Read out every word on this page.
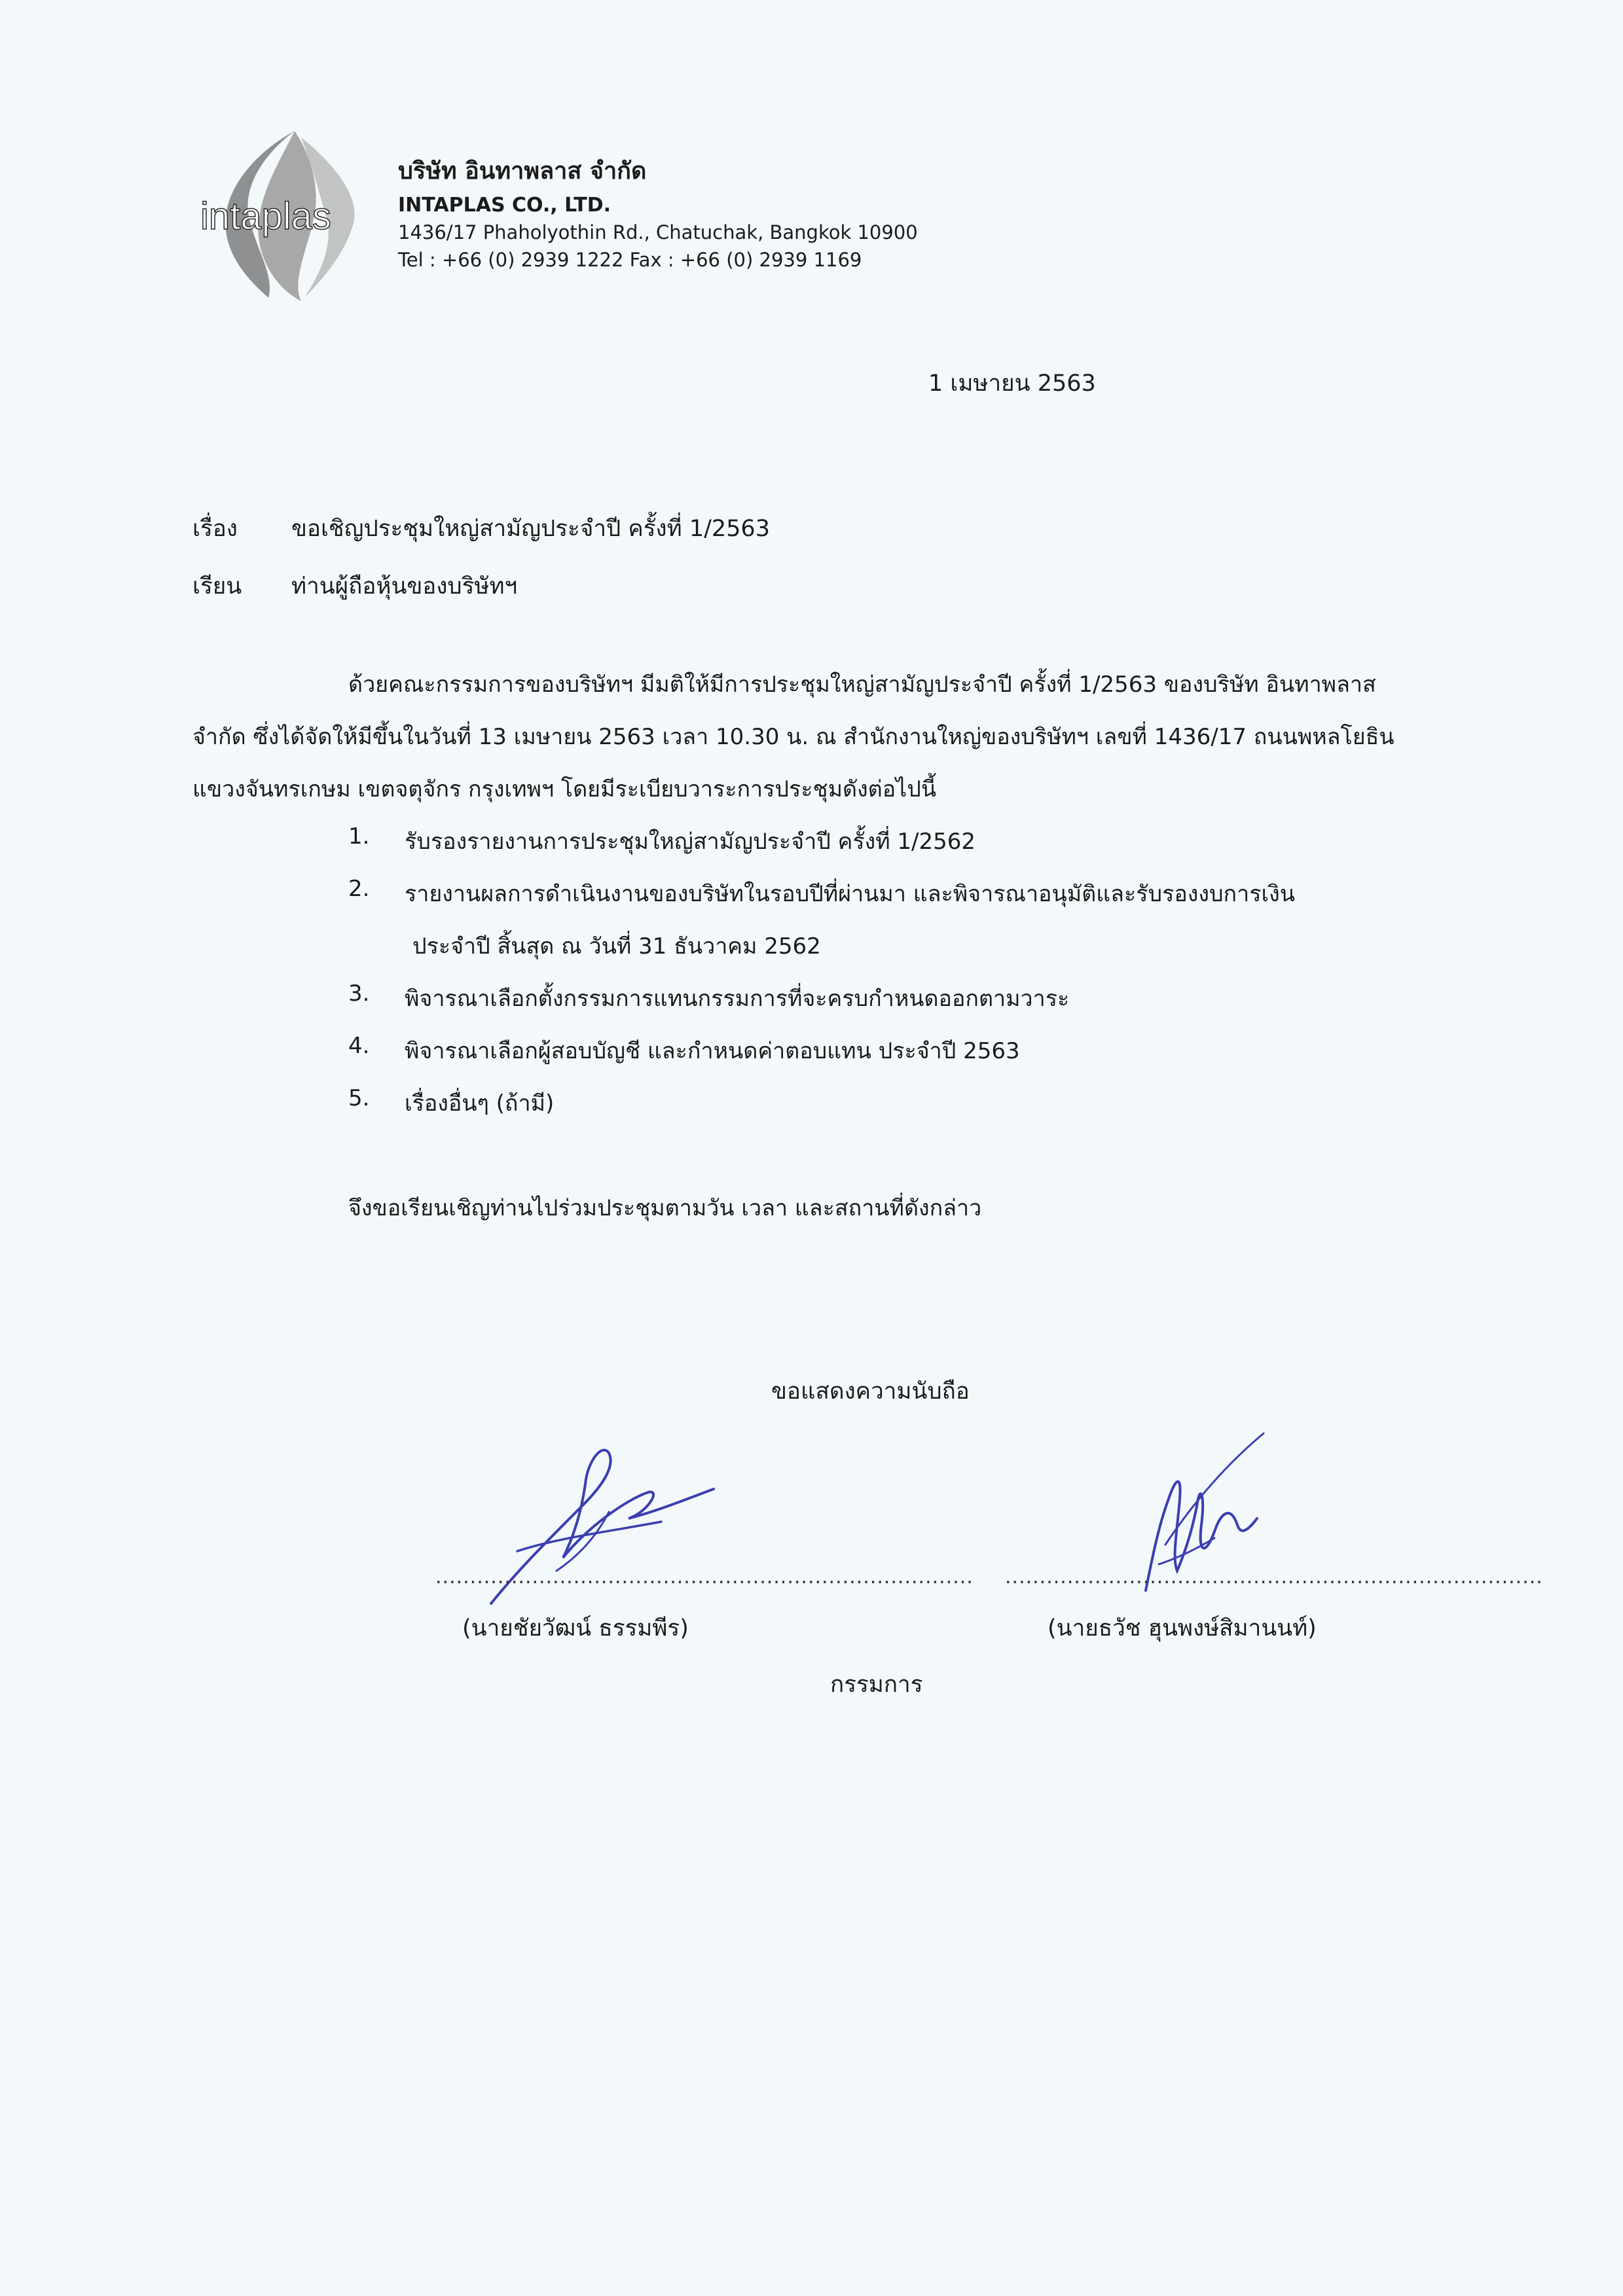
intaplas
บริษัท อินทาพลาส จำกัด
INTAPLAS CO., LTD.
1436/17 Phaholyothin Rd., Chatuchak, Bangkok 10900
Tel : +66 (0) 2939 1222 Fax : +66 (0) 2939 1169
1 เมษายน 2563
เรื่อง ขอเชิญประชุมใหญ่สามัญประจำปี ครั้งที่ 1/2563
เรียน ท่านผู้ถือหุ้นของบริษัทฯ
ด้วยคณะกรรมการของบริษัทฯ มีมติให้มีการประชุมใหญ่สามัญประจำปี ครั้งที่ 1/2563 ของบริษัท อินทาพลาส
จำกัด ซึ่งได้จัดให้มีขึ้นในวันที่ 13 เมษายน 2563 เวลา 10.30 น. ณ สำนักงานใหญ่ของบริษัทฯ เลขที่ 1436/17 ถนนพหลโยธิน
แขวงจันทรเกษม เขตจตุจักร กรุงเทพฯ โดยมีระเบียบวาระการประชุมดังต่อไปนี้
1. รับรองรายงานการประชุมใหญ่สามัญประจำปี ครั้งที่ 1/2562
2. รายงานผลการดำเนินงานของบริษัทในรอบปีที่ผ่านมา และพิจารณาอนุมัติและรับรองงบการเงิน
ประจำปี สิ้นสุด ณ วันที่ 31 ธันวาคม 2562
3. พิจารณาเลือกตั้งกรรมการแทนกรรมการที่จะครบกำหนดออกตามวาระ
4. พิจารณาเลือกผู้สอบบัญชี และกำหนดค่าตอบแทน ประจำปี 2563
5. เรื่องอื่นๆ (ถ้ามี)
จึงขอเรียนเชิญท่านไปร่วมประชุมตามวัน เวลา และสถานที่ดังกล่าว
ขอแสดงความนับถือ
.............................................................................. ..............................................................................
(นายชัยวัฒน์ ธรรมพีร)	(นายธวัช ฮุนพงษ์สิมานนท์)
กรรมการ
